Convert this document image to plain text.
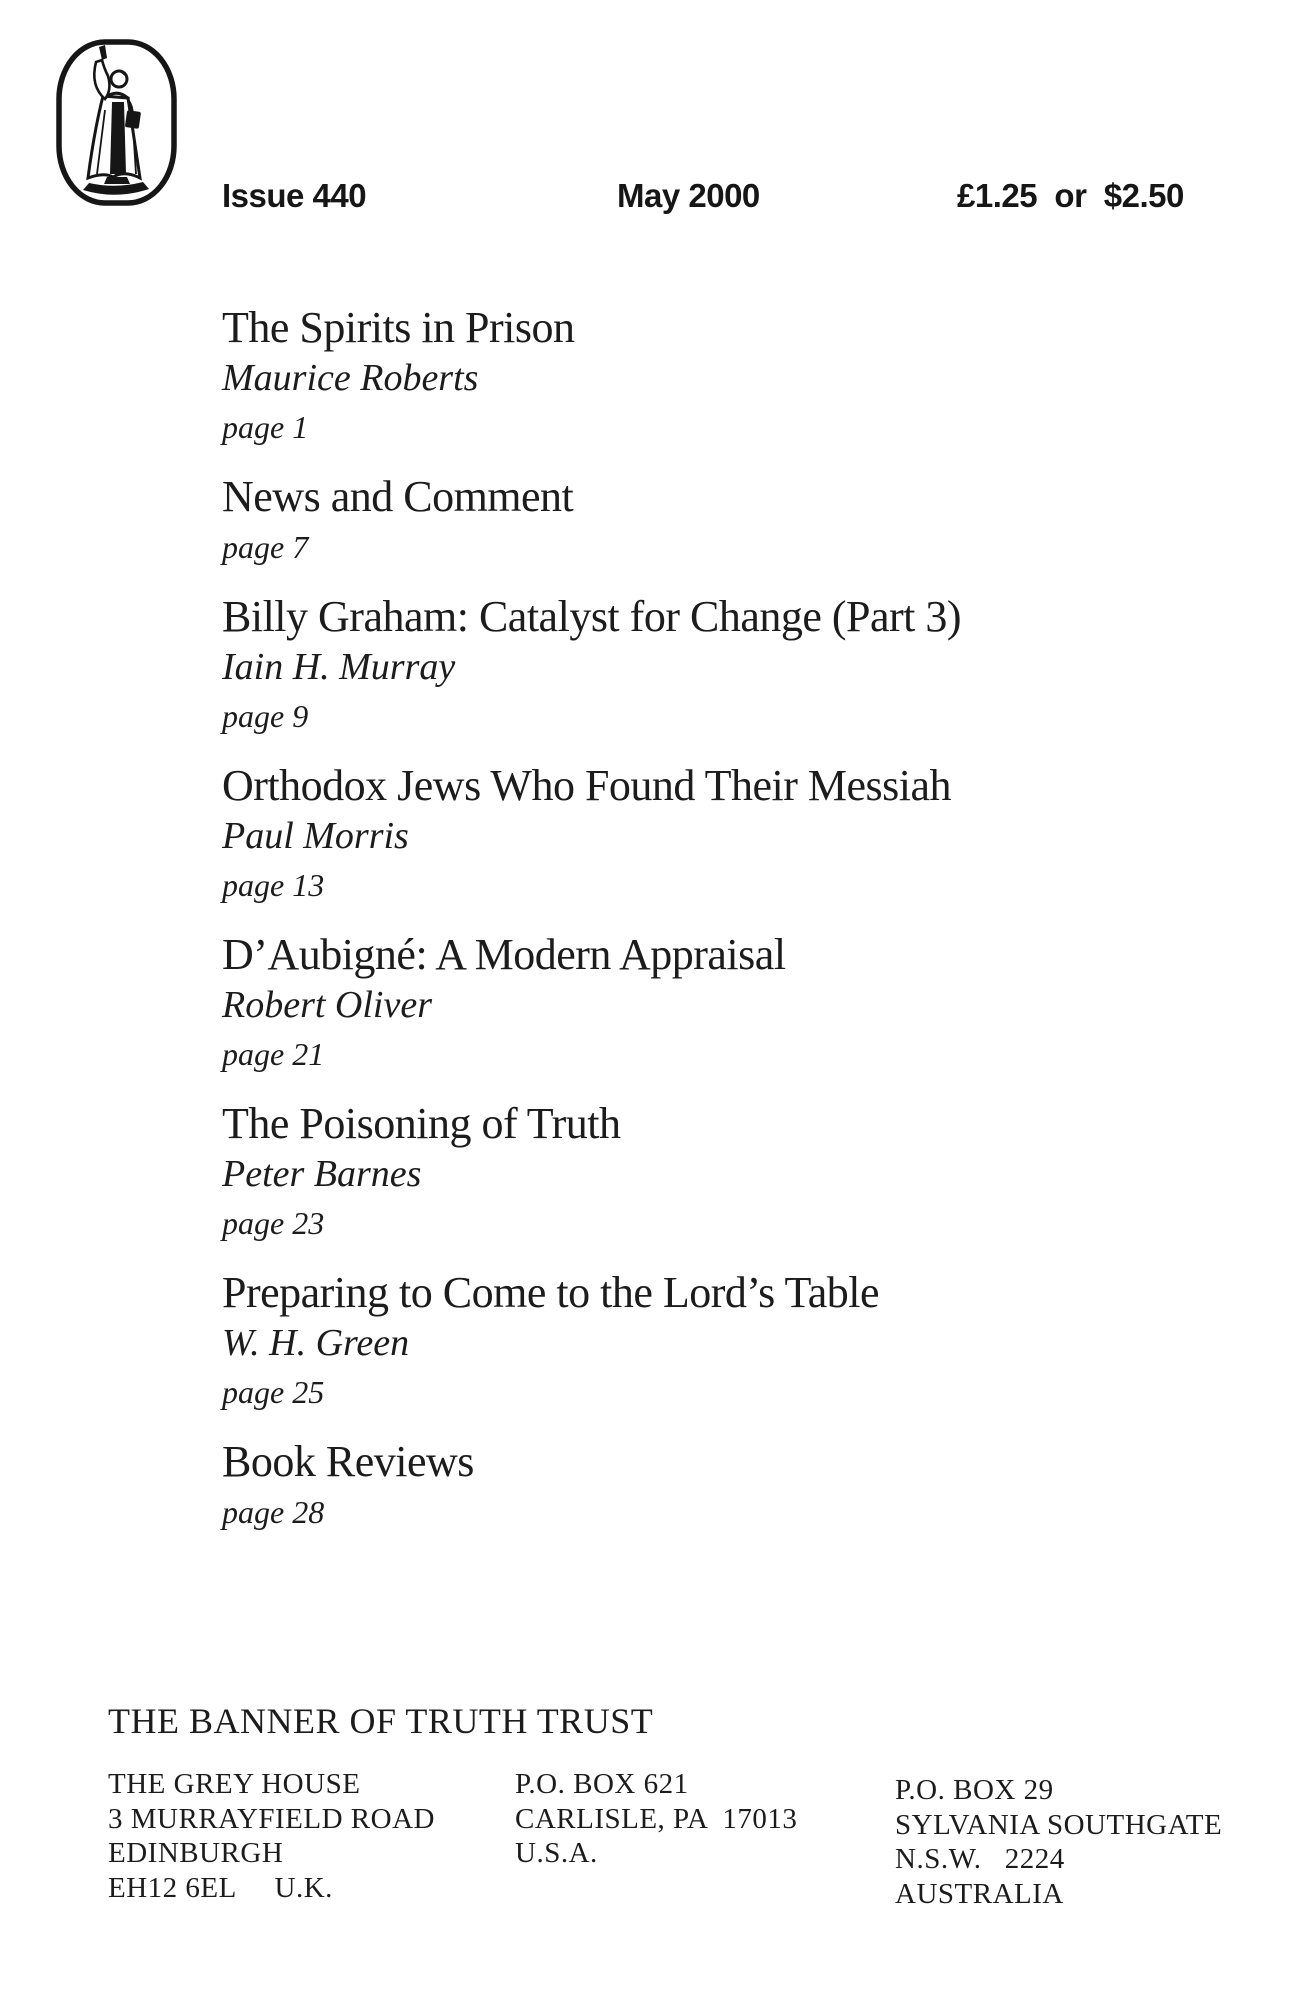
Issue 440	May 2000	£1.25  or  $2.50
The Spirits in Prison
Maurice Roberts
page 1
News and Comment
page 7
Billy Graham: Catalyst for Change (Part 3)
Iain H. Murray
page 9
Orthodox Jews Who Found Their Messiah
Paul Morris
page 13
D’Aubigné: A Modern Appraisal
Robert Oliver
page 21
The Poisoning of Truth
Peter Barnes
page 23
Preparing to Come to the Lord’s Table
W. H. Green
page 25
Book Reviews
page 28
THE BANNER OF TRUTH TRUST
THE GREY HOUSE
3 MURRAYFIELD ROAD
EDINBURGH
EH12 6EL     U.K.
P.O. BOX 621
CARLISLE, PA  17013
U.S.A.
P.O. BOX 29
SYLVANIA SOUTHGATE
N.S.W.   2224
AUSTRALIA
